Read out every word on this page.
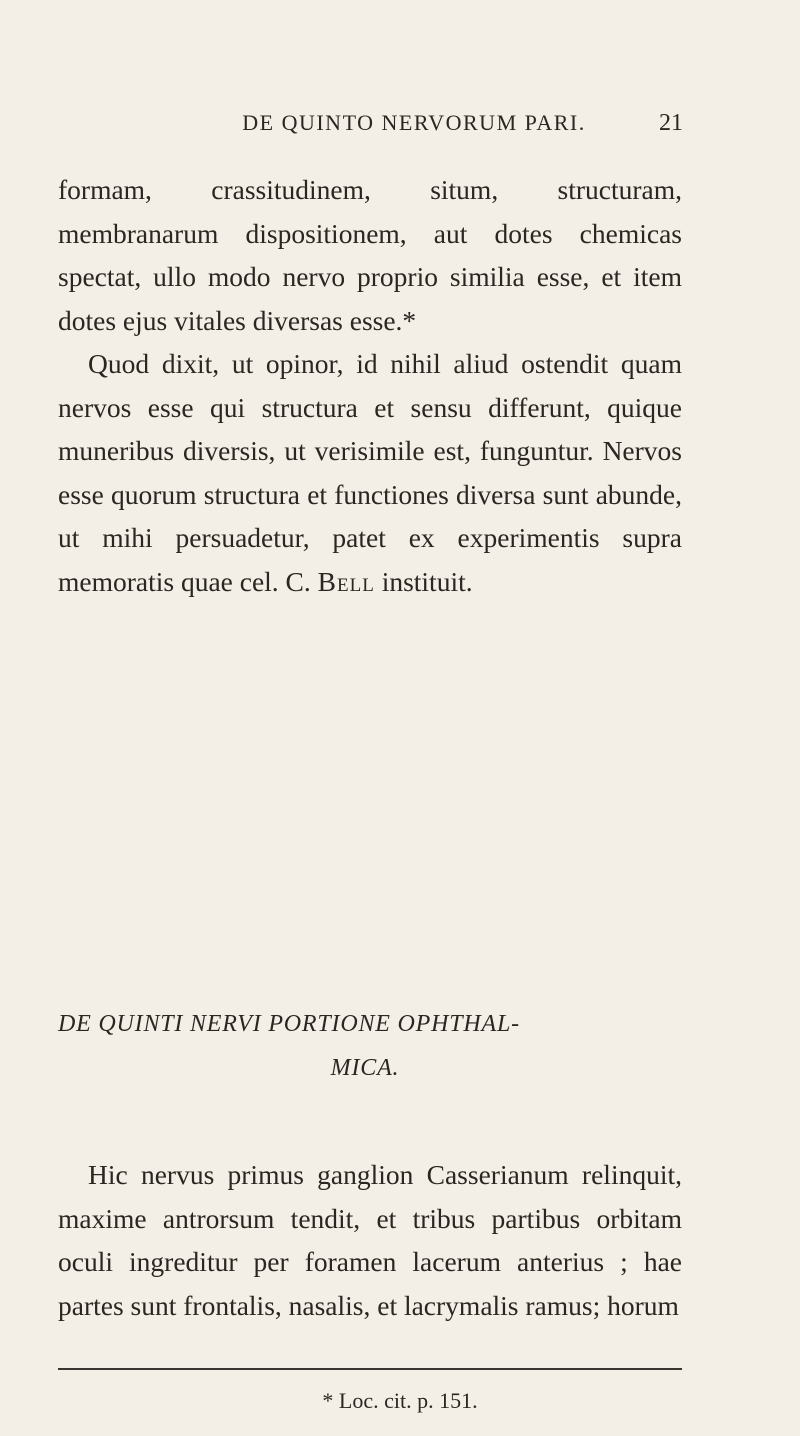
DE QUINTO NERVORUM PARI.	21

formam, crassitudinem, situm, structuram, membranarum dispositionem, aut dotes chemicas spectat, ullo modo nervo proprio similia esse, et item dotes ejus vitales diversas esse.*

Quod dixit, ut opinor, id nihil aliud ostendit quam nervos esse qui structura et sensu differunt, quique muneribus diversis, ut verisimile est, funguntur. Nervos esse quorum structura et functiones diversa sunt abunde, ut mihi persuadetur, patet ex experimentis supra memoratis quae cel. C. Bell instituit.

DE QUINTI NERVI PORTIONE OPHTHAL-
MICA.

Hic nervus primus ganglion Casserianum relinquit, maxime antrorsum tendit, et tribus partibus orbitam oculi ingreditur per foramen lacerum anterius ; hae partes sunt frontalis, nasalis, et lacrymalis ramus; horum

* Loc. cit. p. 151.
